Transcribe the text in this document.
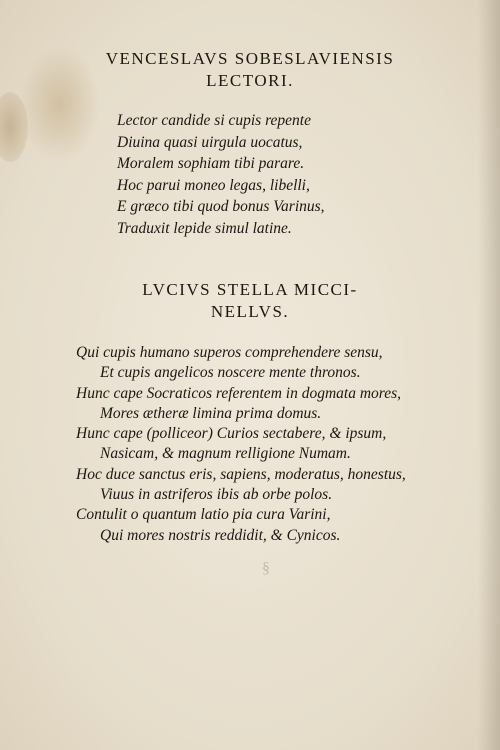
VENCESLAVS SOBESLAVIENSIS
LECTORI.
Lector candide si cupis repente
Diuina quasi uirgula uocatus,
Moralem sophiam tibi parare.
Hoc parui moneo legas, libelli,
E græco tibi quod bonus Varinus,
Traduxit lepide simul latine.
LVCIVS STELLA MICCI-
NELLVS.
Qui cupis humano superos comprehendere sensu,
Et cupis angelicos noscere mente thronos.
Hunc cape Socraticos referentem in dogmata mores,
Mores ætheræ limina prima domus.
Hunc cape (polliceor) Curios sectabere, & ipsum,
Nasicam, & magnum relligione Numam.
Hoc duce sanctus eris, sapiens, moderatus, honestus,
Viuus in astriferos ibis ab orbe polos.
Contulit o quantum latio pia cura Varini,
Qui mores nostris reddidit, & Cynicos.
§
